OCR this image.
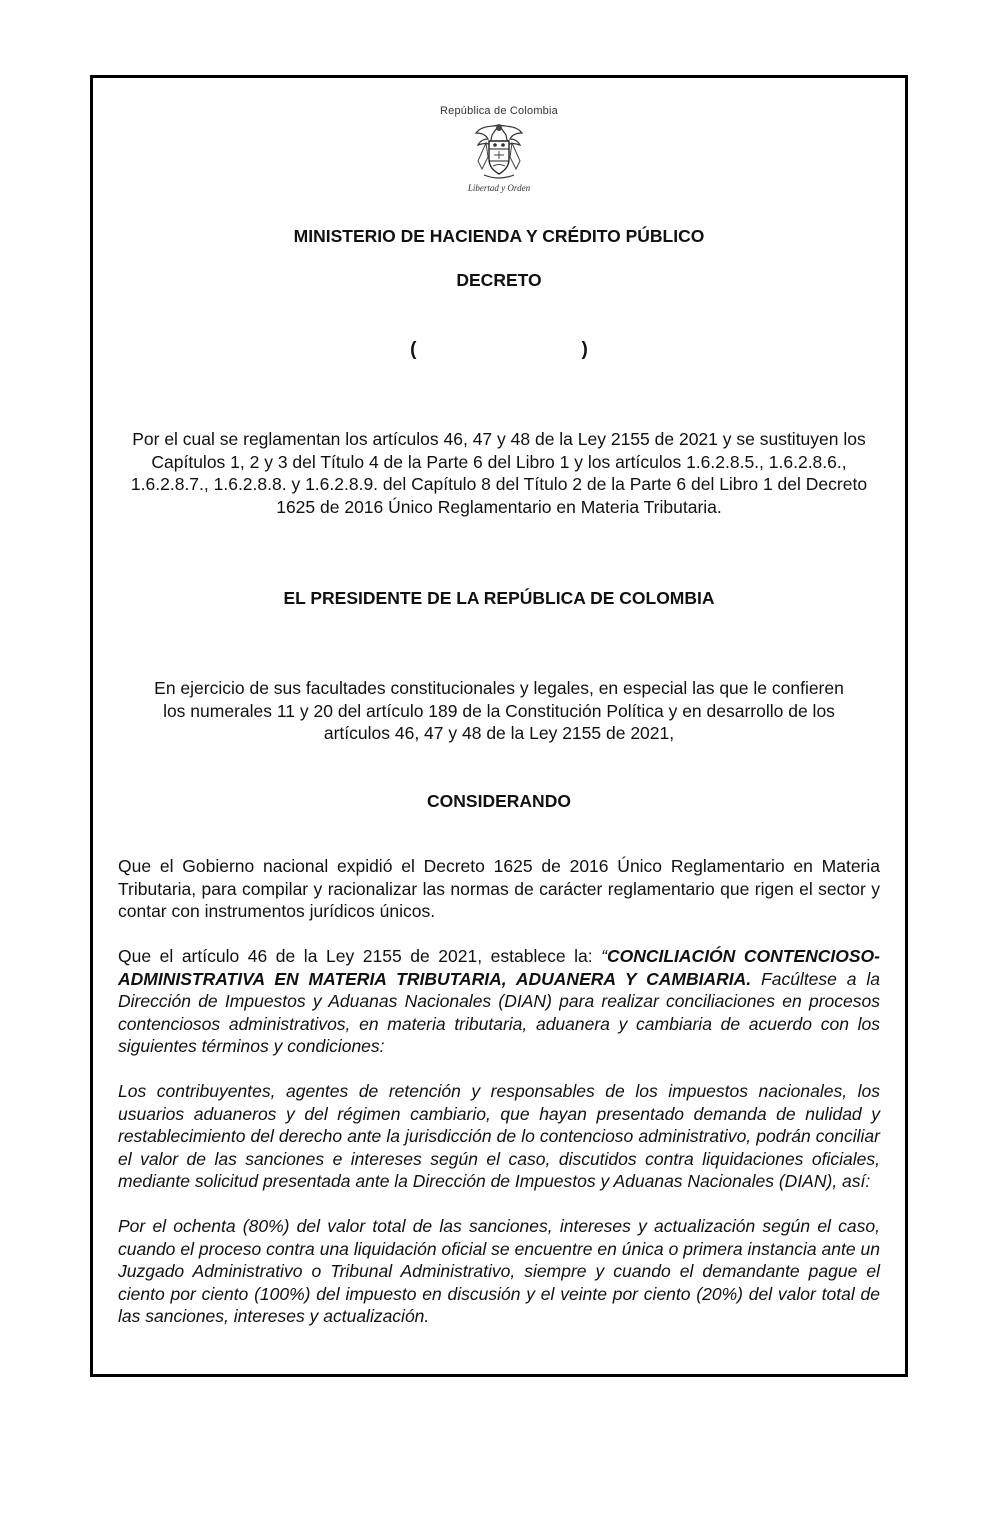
República de Colombia
Libertad y Orden
MINISTERIO DE HACIENDA Y CRÉDITO PÚBLICO
DECRETO
(	)
Por el cual se reglamentan los artículos 46, 47 y 48 de la Ley 2155 de 2021 y se sustituyen los Capítulos 1, 2 y 3 del Título 4 de la Parte 6 del Libro 1 y los artículos 1.6.2.8.5., 1.6.2.8.6., 1.6.2.8.7., 1.6.2.8.8. y 1.6.2.8.9. del Capítulo 8 del Título 2 de la Parte 6 del Libro 1 del Decreto 1625 de 2016 Único Reglamentario en Materia Tributaria.
EL PRESIDENTE DE LA REPÚBLICA DE COLOMBIA
En ejercicio de sus facultades constitucionales y legales, en especial las que le confieren los numerales 11 y 20 del artículo 189 de la Constitución Política y en desarrollo de los artículos 46, 47 y 48 de la Ley 2155 de 2021,
CONSIDERANDO

Que el Gobierno nacional expidió el Decreto 1625 de 2016 Único Reglamentario en Materia Tributaria, para compilar y racionalizar las normas de carácter reglamentario que rigen el sector y contar con instrumentos jurídicos únicos.

Que el artículo 46 de la Ley 2155 de 2021, establece la: “CONCILIACIÓN CONTENCIOSO-ADMINISTRATIVA EN MATERIA TRIBUTARIA, ADUANERA Y CAMBIARIA. Facúltese a la Dirección de Impuestos y Aduanas Nacionales (DIAN) para realizar conciliaciones en procesos contenciosos administrativos, en materia tributaria, aduanera y cambiaria de acuerdo con los siguientes términos y condiciones:

Los contribuyentes, agentes de retención y responsables de los impuestos nacionales, los usuarios aduaneros y del régimen cambiario, que hayan presentado demanda de nulidad y restablecimiento del derecho ante la jurisdicción de lo contencioso administrativo, podrán conciliar el valor de las sanciones e intereses según el caso, discutidos contra liquidaciones oficiales, mediante solicitud presentada ante la Dirección de Impuestos y Aduanas Nacionales (DIAN), así:

Por el ochenta (80%) del valor total de las sanciones, intereses y actualización según el caso, cuando el proceso contra una liquidación oficial se encuentre en única o primera instancia ante un Juzgado Administrativo o Tribunal Administrativo, siempre y cuando el demandante pague el ciento por ciento (100%) del impuesto en discusión y el veinte por ciento (20%) del valor total de las sanciones, intereses y actualización.
